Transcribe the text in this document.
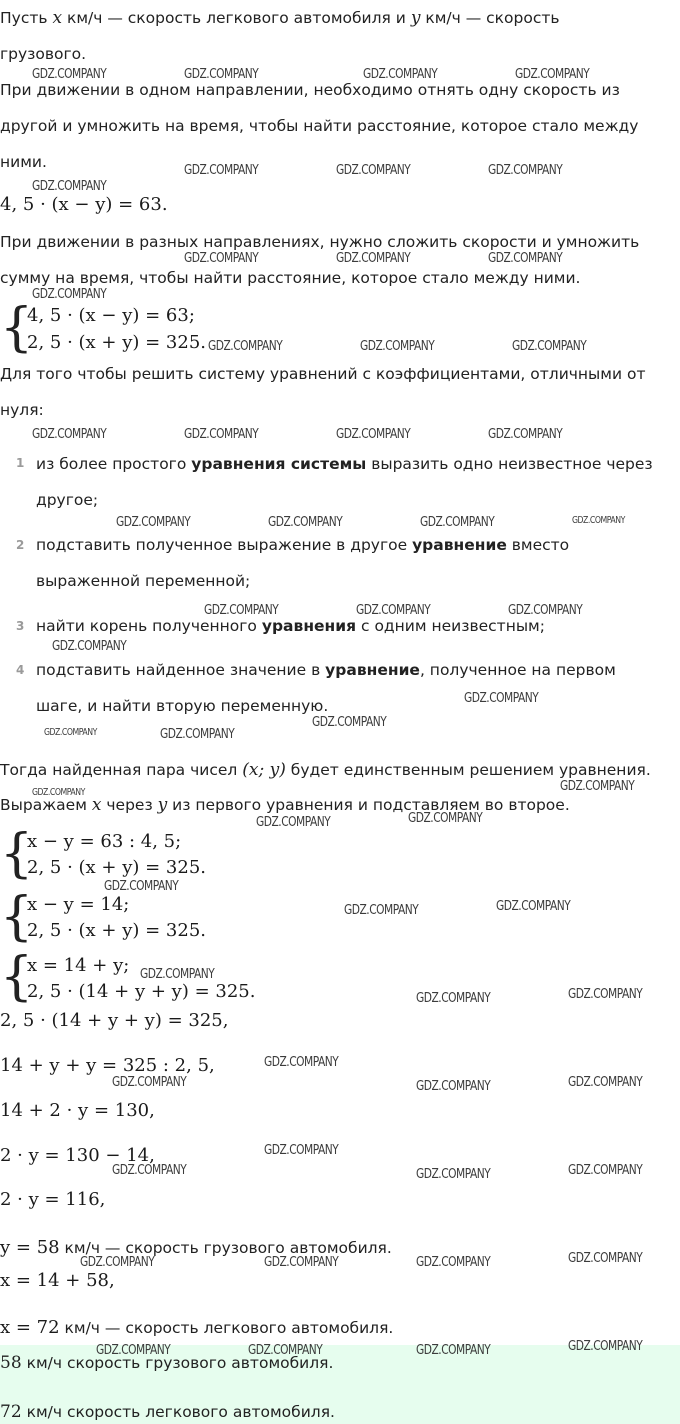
Пусть x км/ч — скорость легкового автомобиля и y км/ч — скорость
грузового.
При движении в одном направлении, необходимо отнять одну скорость из
другой и умножить на время, чтобы найти расстояние, которое стало между
ними.
4, 5 · (x − y) = 63.
При движении в разных направлениях, нужно сложить скорости и умножить
сумму на время, чтобы найти расстояние, которое стало между ними.
{
4, 5 · (x − y) = 63;
2, 5 · (x + y) = 325.
Для того чтобы решить систему уравнений с коэффициентами, отличными от
нуля:
1 из более простого уравнения системы выразить одно неизвестное через
другое;
2 подставить полученное выражение в другое уравнение вместо
выраженной переменной;
3 найти корень полученного уравнения с одним неизвестным;
4 подставить найденное значение в уравнение, полученное на первом
шаге, и найти вторую переменную.
Тогда найденная пара чисел (x; y) будет единственным решением уравнения.
Выражаем x через y из первого уравнения и подставляем во второе.
{
x − y = 63 : 4, 5;
2, 5 · (x + y) = 325.
{
x − y = 14;
2, 5 · (x + y) = 325.
{
x = 14 + y;
2, 5 · (14 + y + y) = 325.
2, 5 · (14 + y + y) = 325,
14 + y + y = 325 : 2, 5,
14 + 2 · y = 130,
2 · y = 130 − 14,
2 · y = 116,
y = 58 км/ч — скорость грузового автомобиля.
x = 14 + 58,
x = 72 км/ч — скорость легкового автомобиля.
58 км/ч скорость грузового автомобиля.
72 км/ч скорость легкового автомобиля.
GDZ.COMPANY	GDZ.COMPANY	GDZ.COMPANY	GDZ.COMPANY
GDZ.COMPANY	GDZ.COMPANY	GDZ.COMPANY
GDZ.COMPANY
GDZ.COMPANY	GDZ.COMPANY	GDZ.COMPANY
GDZ.COMPANY
GDZ.COMPANY	GDZ.COMPANY	GDZ.COMPANY
GDZ.COMPANY	GDZ.COMPANY	GDZ.COMPANY	GDZ.COMPANY
GDZ.COMPANY	GDZ.COMPANY	GDZ.COMPANY	GDZ.COMPANY
GDZ.COMPANY	GDZ.COMPANY	GDZ.COMPANY
GDZ.COMPANY
GDZ.COMPANY
GDZ.COMPANY
GDZ.COMPANY	GDZ.COMPANY
GDZ.COMPANY	GDZ.COMPANY
GDZ.COMPANY	GDZ.COMPANY
GDZ.COMPANY
GDZ.COMPANY	GDZ.COMPANY
GDZ.COMPANY
GDZ.COMPANY	GDZ.COMPANY
GDZ.COMPANY
GDZ.COMPANY	GDZ.COMPANY	GDZ.COMPANY
GDZ.COMPANY
GDZ.COMPANY	GDZ.COMPANY	GDZ.COMPANY
GDZ.COMPANY	GDZ.COMPANY	GDZ.COMPANY	GDZ.COMPANY
GDZ.COMPANY	GDZ.COMPANY	GDZ.COMPANY	GDZ.COMPANY
